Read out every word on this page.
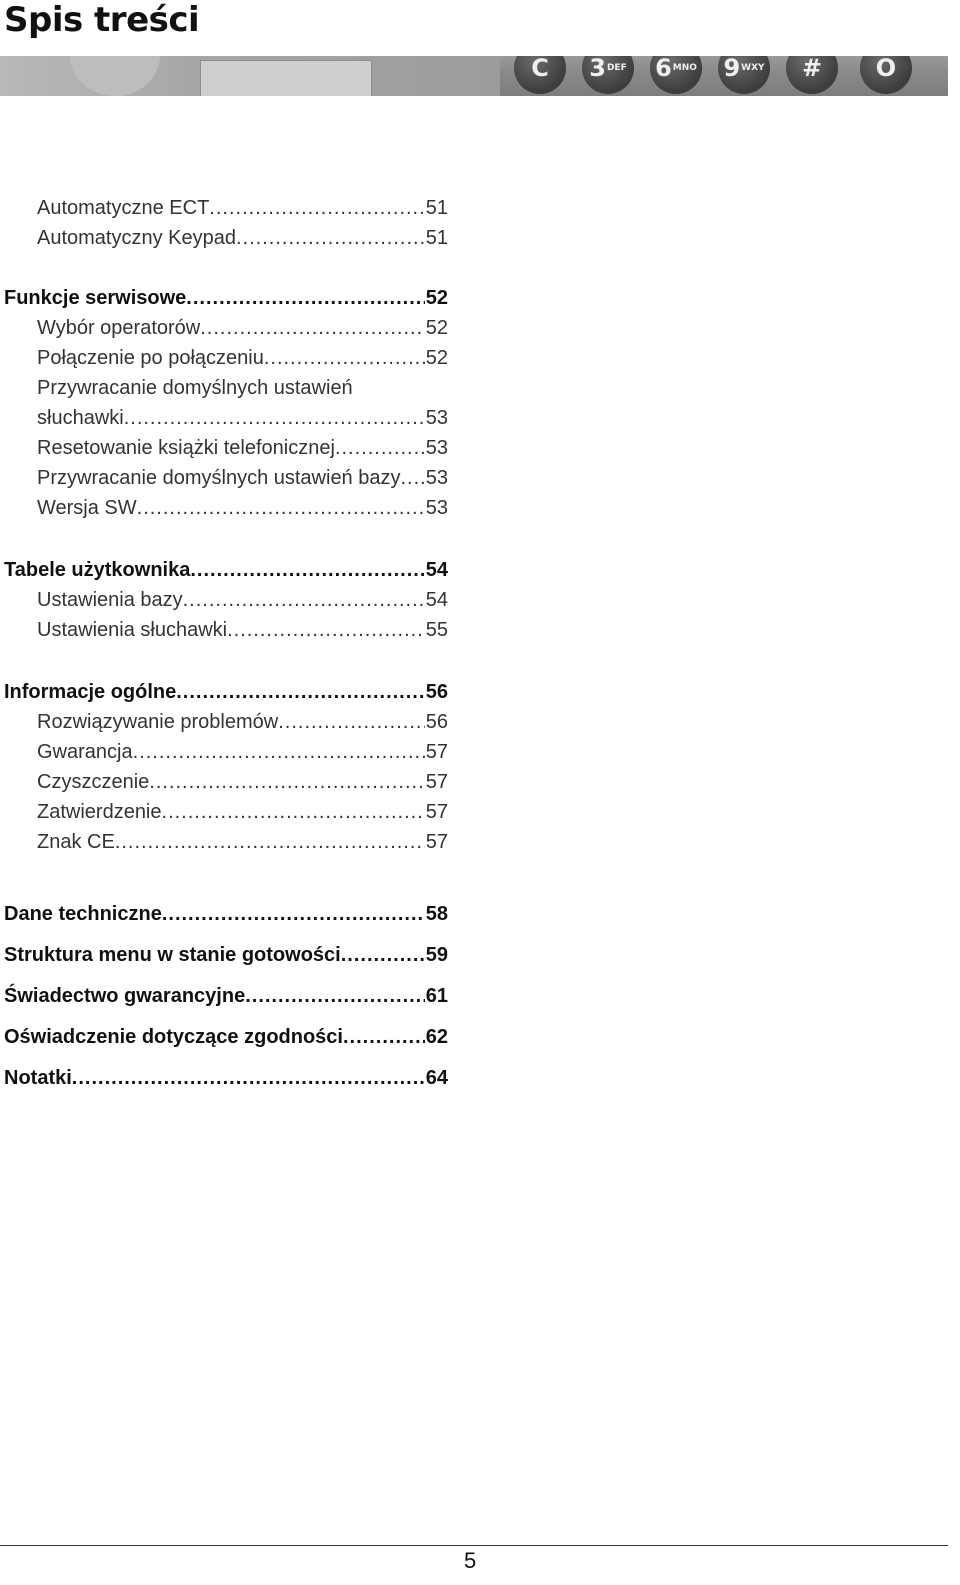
Spis treści
C 3 DEF 6 MNO 9 WXY # O
Automatyczne ECT .....	51
Automatyczny Keypad .....	51
Funkcje serwisowe .....	52
Wybór operatorów .....	52
Połączenie po połączeniu .....	52
Przywracanie domyślnych ustawień
słuchawki .....	53
Resetowanie książki telefonicznej .....	53
Przywracanie domyślnych ustawień bazy ..... 53
Wersja SW .....	53
Tabele użytkownika .....	54
Ustawienia bazy .....	54
Ustawienia słuchawki .....	55
Informacje ogólne .....	56
Rozwiązywanie problemów .....	56
Gwarancja .....	57
Czyszczenie .....	57
Zatwierdzenie .....	57
Znak CE .....	57
Dane techniczne .....	58
Struktura menu w stanie gotowości .....	59
Świadectwo gwarancyjne .....	61
Oświadczenie dotyczące zgodności .....	62
Notatki .....	64
5
